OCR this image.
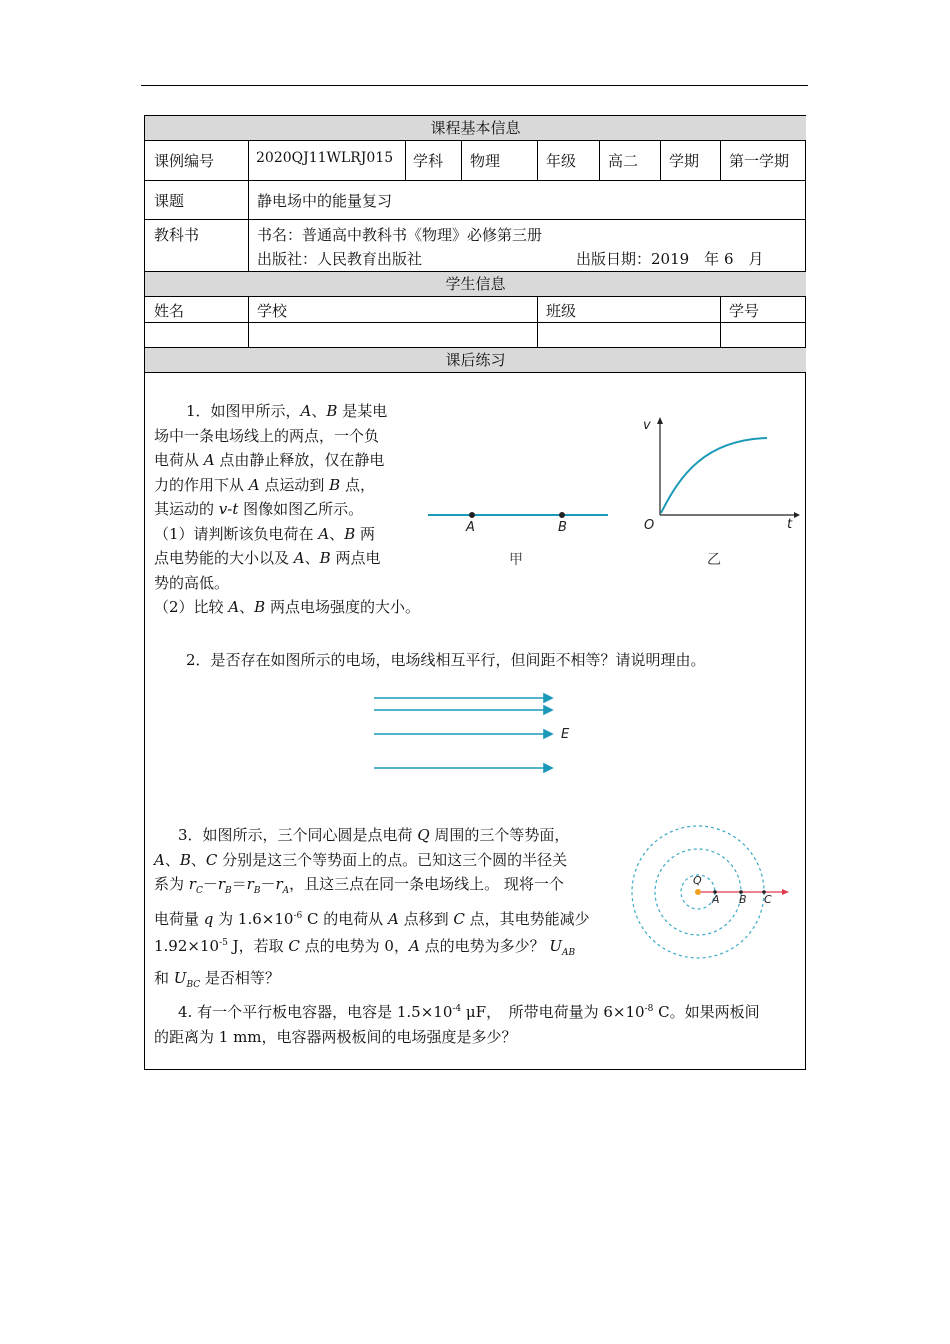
课程基本信息
课例编号	2020QJ11WLRJ015 学科 物理	年级 高二 学期 第一学期
课题	静电场中的能量复习
教科书	书名：普通高中教科书《物理》必修第三册
出版社：人民教育出版社	出版日期：2019　年 6　月
学生信息
姓名	学校	班级	学号
课后练习
1．如图甲所示，A、B 是某电
场中一条电场线上的两点，一个负
电荷从 A 点由静止释放，仅在静电
力的作用下从 A 点运动到 B 点，
其运动的 v-t 图像如图乙所示。
（1）请判断该负电荷在 A、B 两
点电势能的大小以及 A、B 两点电
势的高低。
（2）比较 A、B 两点电场强度的大小。
A	B
甲
v
t
O
乙
2．是否存在如图所示的电场，电场线相互平行，但间距不相等？请说明理由。
E
3．如图所示，三个同心圆是点电荷 Q 周围的三个等势面，
A、B、C 分别是这三个等势面上的点。已知这三个圆的半径关
系为 $r_C-r_B=r_B-r_A$，且这三点在同一条电场线上。 现将一个
电荷量 q 为 $1.6\times 10^{-6}$ C 的电荷从 A 点移到 C 点，其电势能减少
$1.92\times 10^{-5}$ J，若取 C 点的电势为 0，A 点的电势为多少？ $U_{AB}$
和 $U_{BC}$ 是否相等？
Q
A B C
4. 有一个平行板电容器，电容是 $1.5\times 10^{-4}$ μF，　所带电荷量为 $6\times 10^{-8}$ C。如果两板间
的距离为 1 mm，电容器两极板间的电场强度是多少？
